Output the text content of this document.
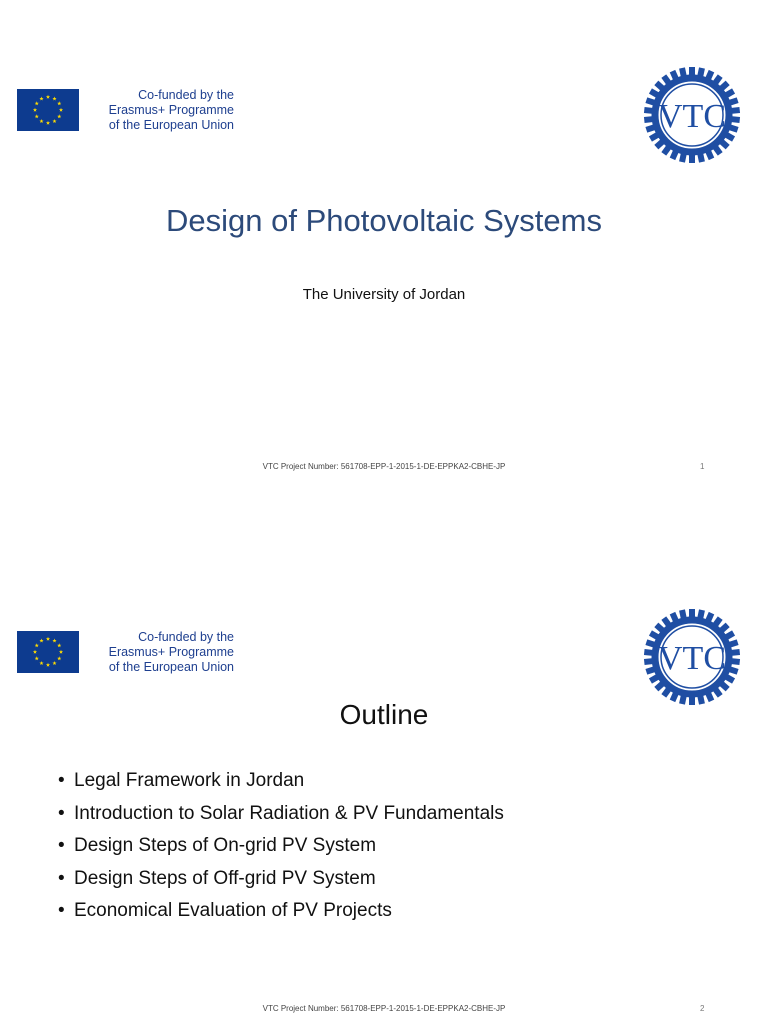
Co-funded by the
Erasmus+ Programme
of the European Union	VTC
Design of Photovoltaic Systems
The University of Jordan
VTC Project Number: 561708-EPP-1-2015-1-DE-EPPKA2-CBHE-JP	1
Co-funded by the
Erasmus+ Programme
of the European Union	VTC
Outline
• Legal Framework in Jordan
• Introduction to Solar Radiation & PV Fundamentals
• Design Steps of On-grid PV System
• Design Steps of Off-grid PV System
• Economical Evaluation of PV Projects
VTC Project Number: 561708-EPP-1-2015-1-DE-EPPKA2-CBHE-JP	2
